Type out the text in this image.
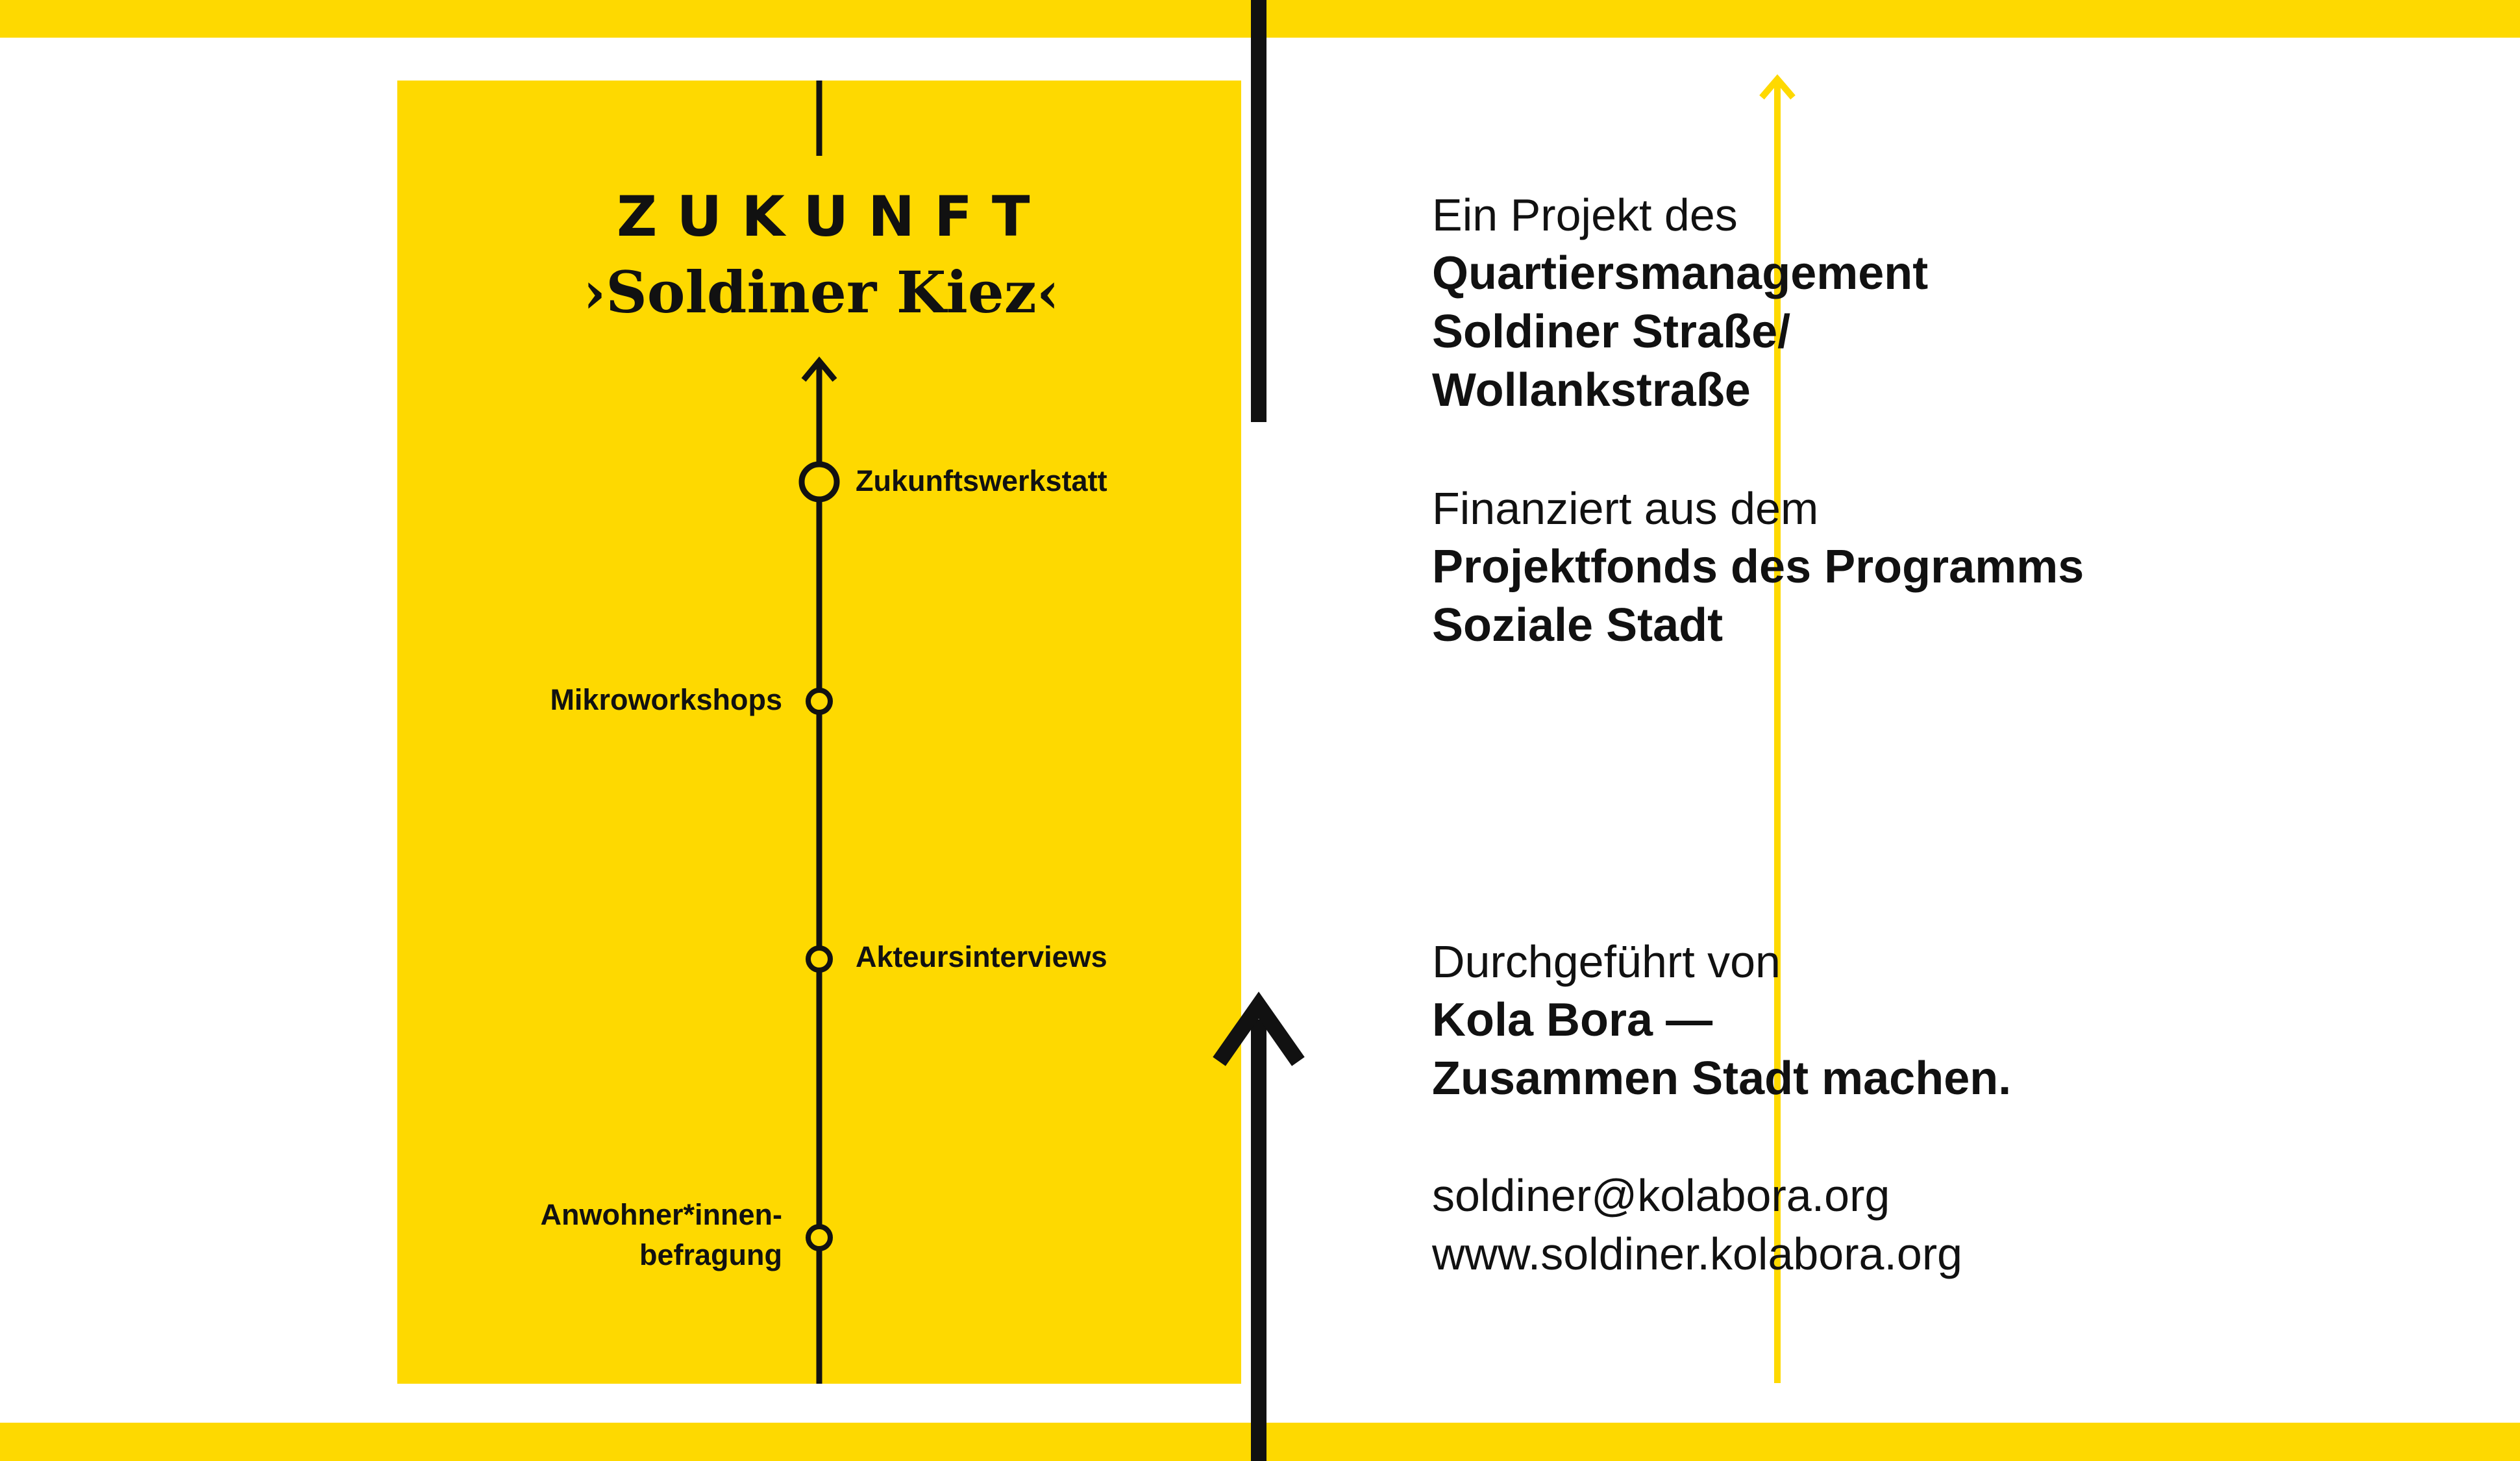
ZUKUNFT
›Soldiner Kiez‹
Zukunftswerkstatt
Mikroworkshops
Akteursinterviews
Anwohner*innen-
befragung
Ein Projekt des
Quartiersmanagement
Soldiner Straße/
Wollankstraße
Finanziert aus dem
Projektfonds des Programms
Soziale Stadt
Durchgeführt von
Kola Bora —
Zusammen Stadt machen.
soldiner@kolabora.org
www.soldiner.kolabora.org
